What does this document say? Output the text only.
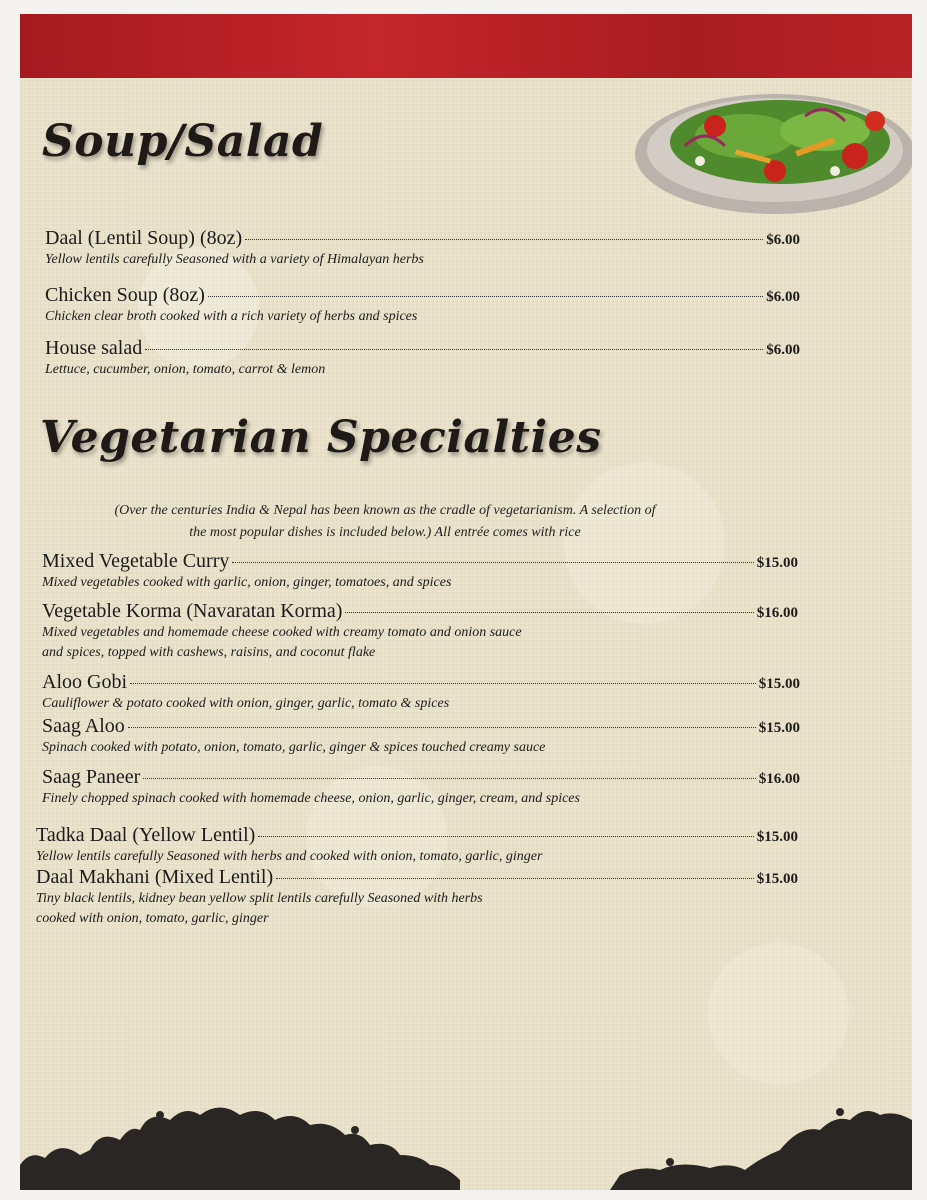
Soup/Salad
Daal (Lentil Soup) (8oz)	$6.00
Yellow lentils carefully Seasoned with a variety of Himalayan herbs
Chicken Soup (8oz)	$6.00
Chicken clear broth cooked with a rich variety of herbs and spices
House salad	$6.00
Lettuce, cucumber, onion, tomato, carrot & lemon
Vegetarian Specialties
(Over the centuries India & Nepal has been known as the cradle of vegetarianism. A selection of
the most popular dishes is included below.) All entrée comes with rice
Mixed Vegetable Curry	$15.00
Mixed vegetables cooked with garlic, onion, ginger, tomatoes, and spices
Vegetable Korma (Navaratan Korma)	$16.00
Mixed vegetables and homemade cheese cooked with creamy tomato and onion sauce
and spices, topped with cashews, raisins, and coconut flake
Aloo Gobi	$15.00
Cauliflower & potato cooked with onion, ginger, garlic, tomato & spices
Saag Aloo	$15.00
Spinach cooked with potato, onion, tomato, garlic, ginger & spices touched creamy sauce
Saag Paneer	$16.00
Finely chopped spinach cooked with homemade cheese, onion, garlic, ginger, cream, and spices
Tadka Daal (Yellow Lentil)	$15.00
Yellow lentils carefully Seasoned with herbs and cooked with onion, tomato, garlic, ginger
Daal Makhani (Mixed Lentil)	$15.00
Tiny black lentils, kidney bean yellow split lentils carefully Seasoned with herbs
cooked with onion, tomato, garlic, ginger
